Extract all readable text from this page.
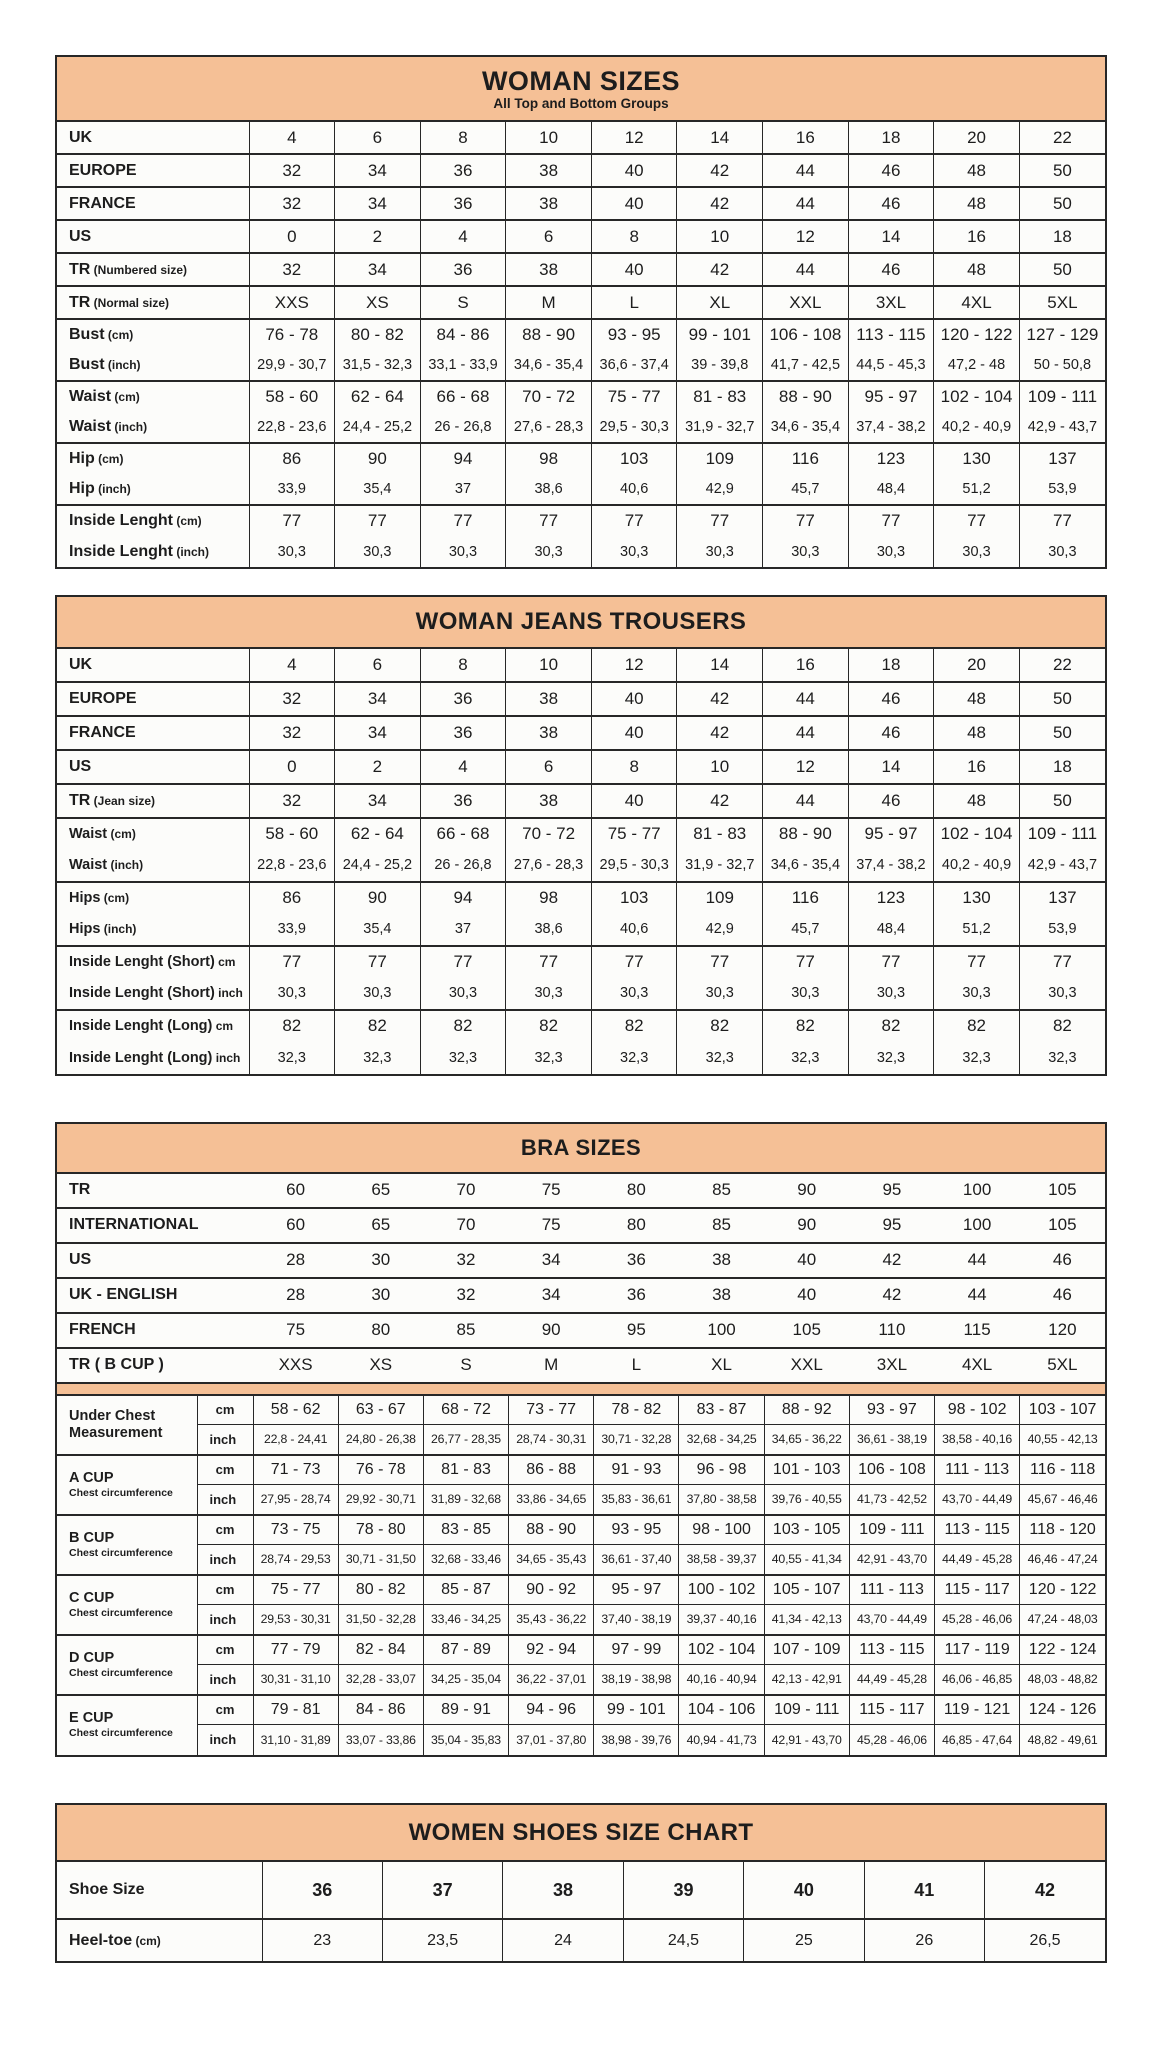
WOMAN SIZES

All Top and Bottom Groups

UK	4	6	8	10	12	14	16	18	20	22
EUROPE	32	34	36	38	40	42	44	46	48	50
FRANCE	32	34	36	38	40	42	44	46	48	50
US	0	2	4	6	8	10	12	14	16	18
TR (Numbered size)	32	34	36	38	40	42	44	46	48	50
TR (Normal size)	XXS	XS	S	M	L	XL	XXL	3XL	4XL	5XL
Bust (cm)	76 - 78	80 - 82	84 - 86	88 - 90	93 - 95	99 - 101	106 - 108	113 - 115	120 - 122	127 - 129
Bust (inch)	29,9 - 30,7	31,5 - 32,3	33,1 - 33,9	34,6 - 35,4	36,6 - 37,4	39 - 39,8	41,7 - 42,5	44,5 - 45,3	47,2 - 48	50 - 50,8
Waist (cm)	58 - 60	62 - 64	66 - 68	70 - 72	75 - 77	81 - 83	88 - 90	95 - 97	102 - 104	109 - 111
Waist (inch)	22,8 - 23,6	24,4 - 25,2	26 - 26,8	27,6 - 28,3	29,5 - 30,3	31,9 - 32,7	34,6 - 35,4	37,4 - 38,2	40,2 - 40,9	42,9 - 43,7
Hip (cm)	86	90	94	98	103	109	116	123	130	137
Hip (inch)	33,9	35,4	37	38,6	40,6	42,9	45,7	48,4	51,2	53,9
Inside Lenght (cm)	77	77	77	77	77	77	77	77	77	77
Inside Lenght (inch)	30,3	30,3	30,3	30,3	30,3	30,3	30,3	30,3	30,3	30,3
WOMAN JEANS TROUSERS
UK	4	6	8	10	12	14	16	18	20	22
EUROPE	32	34	36	38	40	42	44	46	48	50
FRANCE	32	34	36	38	40	42	44	46	48	50
US	0	2	4	6	8	10	12	14	16	18
TR (Jean size)	32	34	36	38	40	42	44	46	48	50
Waist (cm)	58 - 60	62 - 64	66 - 68	70 - 72	75 - 77	81 - 83	88 - 90	95 - 97	102 - 104	109 - 111
Waist (inch)	22,8 - 23,6	24,4 - 25,2	26 - 26,8	27,6 - 28,3	29,5 - 30,3	31,9 - 32,7	34,6 - 35,4	37,4 - 38,2	40,2 - 40,9	42,9 - 43,7
Hips (cm)	86	90	94	98	103	109	116	123	130	137
Hips (inch)	33,9	35,4	37	38,6	40,6	42,9	45,7	48,4	51,2	53,9
Inside Lenght (Short) cm	77	77	77	77	77	77	77	77	77	77
Inside Lenght (Short) inch	30,3	30,3	30,3	30,3	30,3	30,3	30,3	30,3	30,3	30,3
Inside Lenght (Long) cm	82	82	82	82	82	82	82	82	82	82
Inside Lenght (Long) inch	32,3	32,3	32,3	32,3	32,3	32,3	32,3	32,3	32,3	32,3
BRA SIZES
TR		60	65	70	75	80	85	90	95	100	105
INTERNATIONAL		60	65	70	75	80	85	90	95	100	105
US		28	30	32	34	36	38	40	42	44	46
UK - ENGLISH		28	30	32	34	36	38	40	42	44	46
FRENCH		75	80	85	90	95	100	105	110	115	120
TR ( B CUP )		XXS	XS	S	M	L	XL	XXL	3XL	4XL	5XL

Under Chest Measurement	cm	58 - 62	63 - 67	68 - 72	73 - 77	78 - 82	83 - 87	88 - 92	93 - 97	98 - 102	103 - 107
	inch	22,8 - 24,41	24,80 - 26,38	26,77 - 28,35	28,74 - 30,31	30,71 - 32,28	32,68 - 34,25	34,65 - 36,22	36,61 - 38,19	38,58 - 40,16	40,55 - 42,13

A CUP
Chest circumference	cm	71 - 73	76 - 78	81 - 83	86 - 88	91 - 93	96 - 98	101 - 103	106 - 108	111 - 113	116 - 118
	inch	27,95 - 28,74	29,92 - 30,71	31,89 - 32,68	33,86 - 34,65	35,83 - 36,61	37,80 - 38,58	39,76 - 40,55	41,73 - 42,52	43,70 - 44,49	45,67 - 46,46

B CUP
Chest circumference	cm	73 - 75	78 - 80	83 - 85	88 - 90	93 - 95	98 - 100	103 - 105	109 - 111	113 - 115	118 - 120
	inch	28,74 - 29,53	30,71 - 31,50	32,68 - 33,46	34,65 - 35,43	36,61 - 37,40	38,58 - 39,37	40,55 - 41,34	42,91 - 43,70	44,49 - 45,28	46,46 - 47,24

C CUP
Chest circumference	cm	75 - 77	80 - 82	85 - 87	90 - 92	95 - 97	100 - 102	105 - 107	111 - 113	115 - 117	120 - 122
	inch	29,53 - 30,31	31,50 - 32,28	33,46 - 34,25	35,43 - 36,22	37,40 - 38,19	39,37 - 40,16	41,34 - 42,13	43,70 - 44,49	45,28 - 46,06	47,24 - 48,03

D CUP
Chest circumference	cm	77 - 79	82 - 84	87 - 89	92 - 94	97 - 99	102 - 104	107 - 109	113 - 115	117 - 119	122 - 124
	inch	30,31 - 31,10	32,28 - 33,07	34,25 - 35,04	36,22 - 37,01	38,19 - 38,98	40,16 - 40,94	42,13 - 42,91	44,49 - 45,28	46,06 - 46,85	48,03 - 48,82

E CUP
Chest circumference	cm	79 - 81	84 - 86	89 - 91	94 - 96	99 - 101	104 - 106	109 - 111	115 - 117	119 - 121	124 - 126
	inch	31,10 - 31,89	33,07 - 33,86	35,04 - 35,83	37,01 - 37,80	38,98 - 39,76	40,94 - 41,73	42,91 - 43,70	45,28 - 46,06	46,85 - 47,64	48,82 - 49,61
WOMEN SHOES SIZE CHART
Shoe Size	36	37	38	39	40	41	42
Heel-toe (cm)	23	23,5	24	24,5	25	26	26,5
